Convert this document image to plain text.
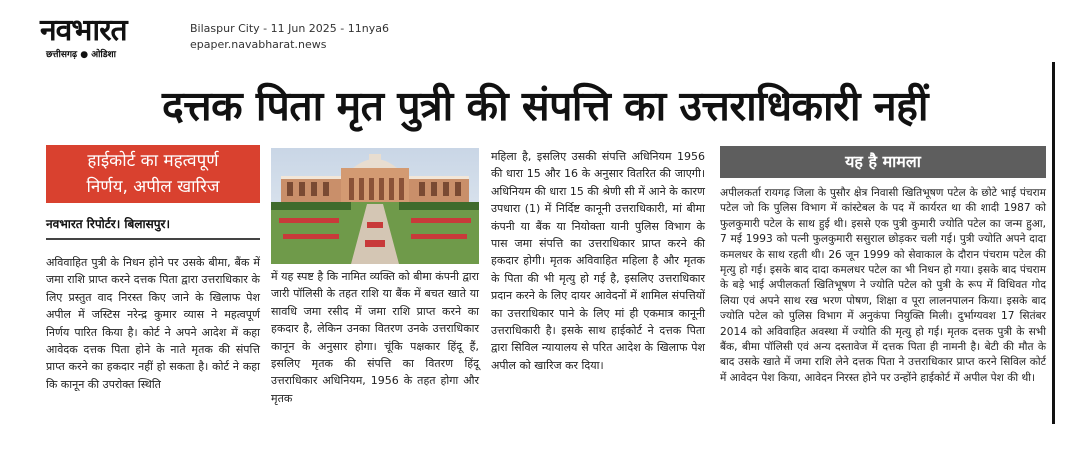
नवभारत
छत्तीसगढ़ ● ओडिशा
Bilaspur City - 11 Jun 2025 - 11nya6
epaper.navabharat.news
दत्तक पिता मृत पुत्री की संपत्ति का उत्तराधिकारी नहीं
हाईकोर्ट का महत्वपूर्ण
निर्णय, अपील खारिज
नवभारत रिपोर्टर। बिलासपुर।

अविवाहित पुत्री के निधन होने पर उसके बीमा, बैंक में जमा राशि प्राप्त करने दत्तक पिता द्वारा उत्तराधिकार के लिए प्रस्तुत वाद निरस्त किए जाने के खिलाफ पेश अपील में जस्टिस नरेन्द्र कुमार व्यास ने महत्वपूर्ण निर्णय पारित किया है। कोर्ट ने अपने आदेश में कहा आवेदक दत्तक पिता होने के नाते मृतक की संपत्ति प्राप्त करने का हकदार नहीं हो सकता है। कोर्ट ने कहा कि कानून की उपरोक्त स्थिति

में यह स्पष्ट है कि नामित व्यक्ति को बीमा कंपनी द्वारा जारी पॉलिसी के तहत राशि या बैंक में बचत खाते या सावधि जमा रसीद में जमा राशि प्राप्त करने का हकदार है, लेकिन उनका वितरण उनके उत्तराधिकार कानून के अनुसार होगा। चूंकि पक्षकार हिंदू हैं, इसलिए मृतक की संपत्ति का वितरण हिंदू उत्तराधिकार अधिनियम, 1956 के तहत होगा और मृतक

महिला है, इसलिए उसकी संपत्ति अधिनियम 1956 की धारा 15 और 16 के अनुसार वितरित की जाएगी। अधिनियम की धारा 15 की श्रेणी सी में आने के कारण उपधारा (1) में निर्दिष्ट कानूनी उत्तराधिकारी, मां बीमा कंपनी या बैंक या नियोक्ता यानी पुलिस विभाग के पास जमा संपत्ति का उत्तराधिकार प्राप्त करने की हकदार होगी। मृतक अविवाहित महिला है और मृतक के पिता की भी मृत्यु हो गई है, इसलिए उत्तराधिकार प्रदान करने के लिए दायर आवेदनों में शामिल संपत्तियों का उत्तराधिकार पाने के लिए मां ही एकमात्र कानूनी उत्तराधिकारी है। इसके साथ हाईकोर्ट ने दत्तक पिता द्वारा सिविल न्यायालय से परित आदेश के खिलाफ पेश अपील को खारिज कर दिया।

यह है मामला

अपीलकर्ता रायगढ़ जिला के पुसौर क्षेत्र निवासी खितिभूषण पटेल के छोटे भाई पंचराम पटेल जो कि पुलिस विभाग में कांस्टेबल के पद में कार्यरत था की शादी 1987 को फुलकुमारी पटेल के साथ हुई थी। इससे एक पुत्री कुमारी ज्योति पटेल का जन्म हुआ, 7 मई 1993 को पत्नी फुलकुमारी ससुराल छोड़कर चली गई। पुत्री ज्योति अपने दादा कमलधर के साथ रहती थी। 26 जून 1999 को सेवाकाल के दौरान पंचराम पटेल की मृत्यु हो गई। इसके बाद दादा कमलधर पटेल का भी निधन हो गया। इसके बाद पंचराम के बड़े भाई अपीलकर्ता खितिभूषण ने ज्योति पटेल को पुत्री के रूप में विधिवत गोद लिया एवं अपने साथ रख भरण पोषण, शिक्षा व पूरा लालनपालन किया। इसके बाद ज्योति पटेल को पुलिस विभाग में अनुकंपा नियुक्ति मिली। दुर्भाग्यवश 17 सितंबर 2014 को अविवाहित अवस्था में ज्योति की मृत्यु हो गई। मृतक दत्तक पुत्री के सभी बैंक, बीमा पॉलिसी एवं अन्य दस्तावेज में दत्तक पिता ही नामनी है। बेटी की मौत के बाद उसके खाते में जमा राशि लेने दत्तक पिता ने उत्तराधिकार प्राप्त करने सिविल कोर्ट में आवेदन पेश किया, आवेदन निरस्त होने पर उन्होंने हाईकोर्ट में अपील पेश की थी।
